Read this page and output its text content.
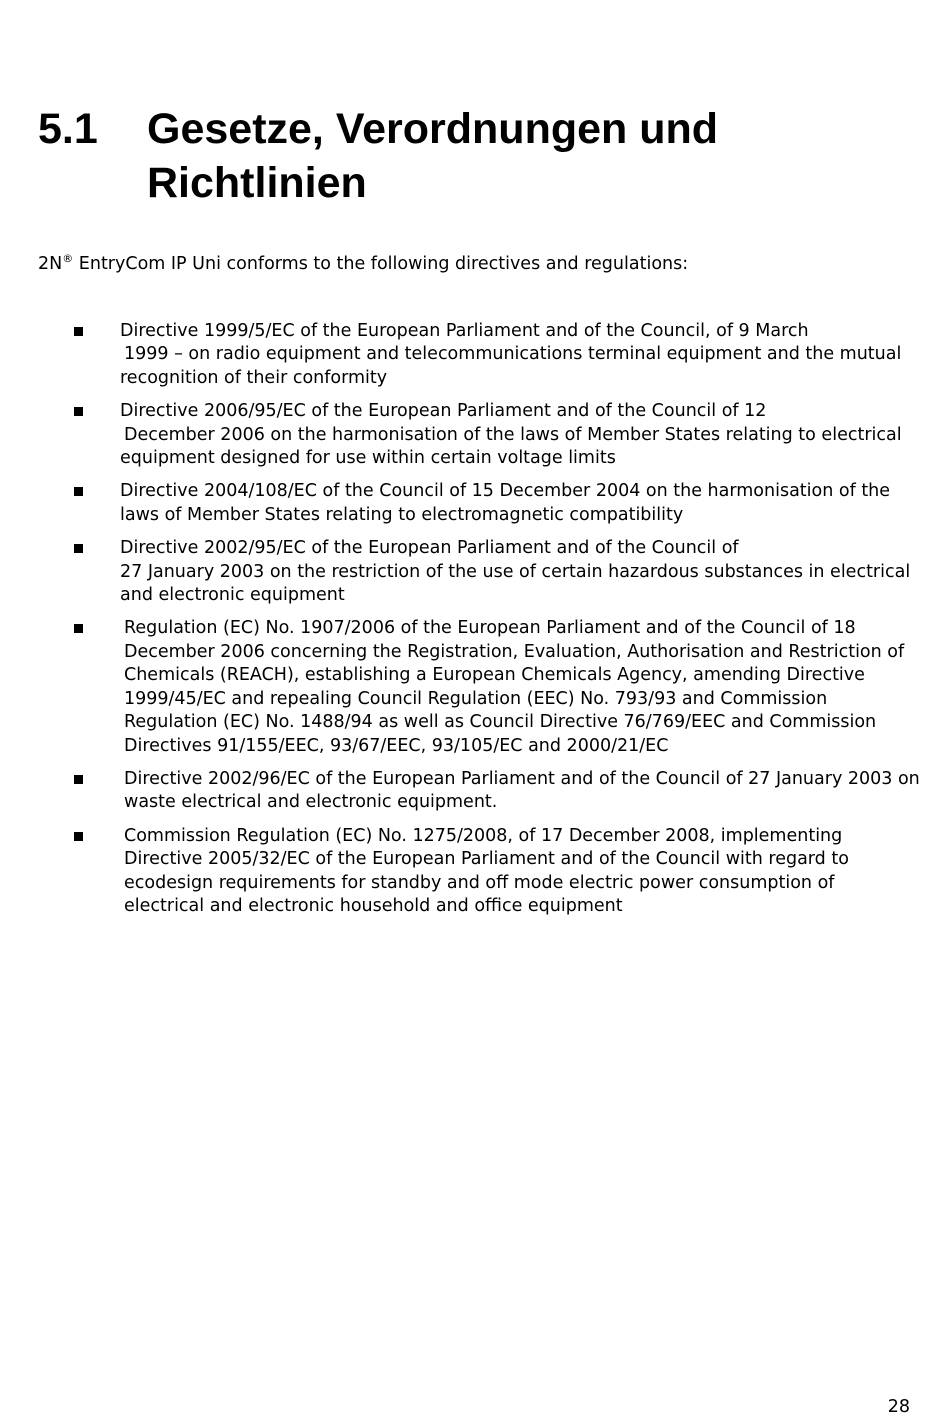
5.1 Gesetze, Verordnungen und Richtlinien

2N® EntryCom IP Uni conforms to the following directives and regulations:

Directive 1999/5/EC of the European Parliament and of the Council, of 9 March
1999 – on radio equipment and telecommunications terminal equipment and the mutual recognition of their conformity
Directive 2006/95/EC of the European Parliament and of the Council of 12
December 2006 on the harmonisation of the laws of Member States relating to electrical equipment designed for use within certain voltage limits
Directive 2004/108/EC of the Council of 15 December 2004 on the harmonisation of the laws of Member States relating to electromagnetic compatibility
Directive 2002/95/EC of the European Parliament and of the Council of
27 January 2003 on the restriction of the use of certain hazardous substances in electrical and electronic equipment
Regulation (EC) No. 1907/2006 of the European Parliament and of the Council of 18 December 2006 concerning the Registration, Evaluation, Authorisation and Restriction of Chemicals (REACH), establishing a European Chemicals Agency, amending Directive 1999/45/EC and repealing Council Regulation (EEC) No. 793/93 and Commission Regulation (EC) No. 1488/94 as well as Council Directive 76/769/EEC and Commission Directives 91/155/EEC, 93/67/EEC, 93/105/EC and 2000/21/EC
Directive 2002/96/EC of the European Parliament and of the Council of 27 January 2003 on waste electrical and electronic equipment.
Commission Regulation (EC) No. 1275/2008, of 17 December 2008, implementing Directive 2005/32/EC of the European Parliament and of the Council with regard to ecodesign requirements for standby and off mode electric power consumption of electrical and electronic household and office equipment

28
